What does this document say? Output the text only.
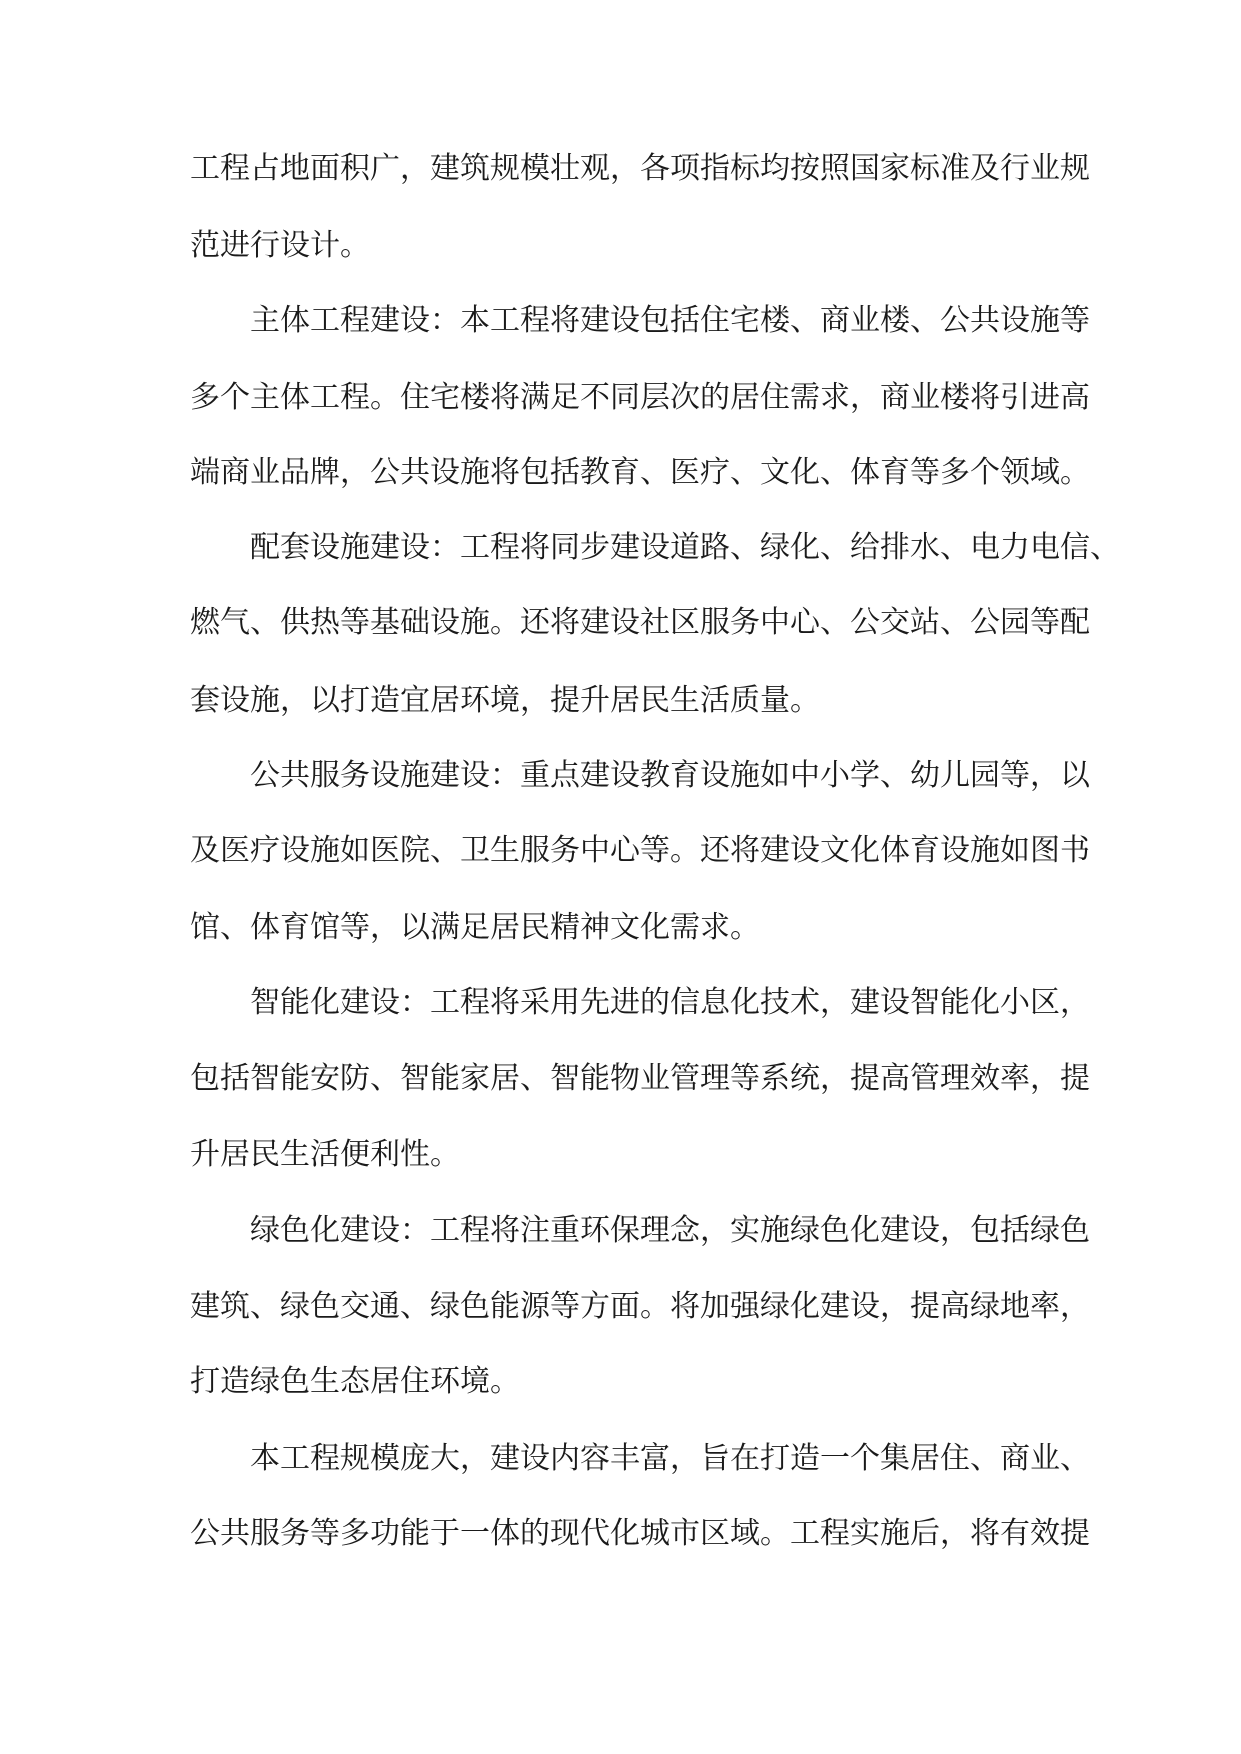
工程占地面积广，建筑规模壮观，各项指标均按照国家标准及行业规

范进行设计。

主体工程建设：本工程将建设包括住宅楼、商业楼、公共设施等

多个主体工程。住宅楼将满足不同层次的居住需求，商业楼将引进高

端商业品牌，公共设施将包括教育、医疗、文化、体育等多个领域。

配套设施建设：工程将同步建设道路、绿化、给排水、电力电信、

燃气、供热等基础设施。还将建设社区服务中心、公交站、公园等配

套设施，以打造宜居环境，提升居民生活质量。

公共服务设施建设：重点建设教育设施如中小学、幼儿园等，以

及医疗设施如医院、卫生服务中心等。还将建设文化体育设施如图书

馆、体育馆等，以满足居民精神文化需求。

智能化建设：工程将采用先进的信息化技术，建设智能化小区，

包括智能安防、智能家居、智能物业管理等系统，提高管理效率，提

升居民生活便利性。

绿色化建设：工程将注重环保理念，实施绿色化建设，包括绿色

建筑、绿色交通、绿色能源等方面。将加强绿化建设，提高绿地率，

打造绿色生态居住环境。

本工程规模庞大，建设内容丰富，旨在打造一个集居住、商业、

公共服务等多功能于一体的现代化城市区域。工程实施后，将有效提
